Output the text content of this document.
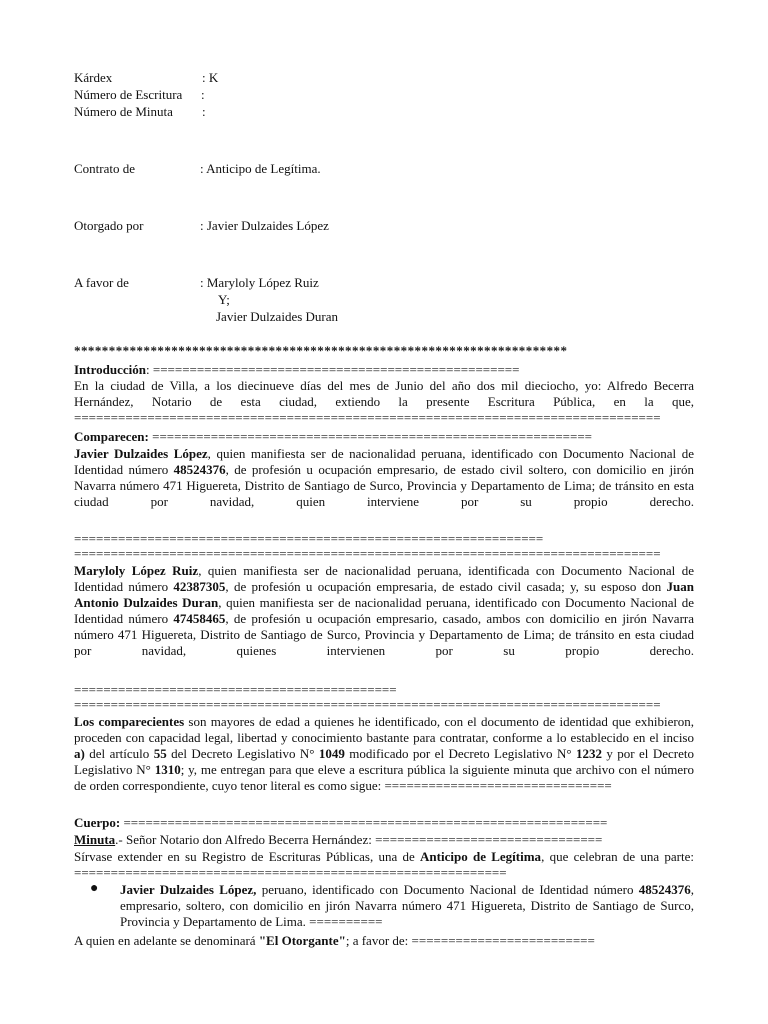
Kárdex	: K
Número de Escritura :
Número de Minuta :
Contrato de	: Anticipo de Legítima.
Otorgado por	: Javier Dulzaides López
A favor de	: Maryloly López Ruiz
Y;
Javier Dulzaides Duran
***********************************************************************
Introducción: ==================================================
En la ciudad de Villa, a los diecinueve días del mes de Junio del año dos mil dieciocho, yo: Alfredo Becerra Hernández, Notario de esta ciudad, extiendo la presente Escritura Pública, en la que,
================================================================================
Comparecen: ============================================================
Javier Dulzaides López, quien manifiesta ser de nacionalidad peruana, identificado con Documento Nacional de Identidad número 48524376, de profesión u ocupación empresario, de estado civil soltero, con domicilio en jirón Navarra número 471 Higuereta, Distrito de Santiago de Surco, Provincia y Departamento de Lima; de tránsito en esta ciudad por navidad, quien interviene por su propio derecho.
================================================================
================================================================================
Maryloly López Ruiz, quien manifiesta ser de nacionalidad peruana, identificada con Documento Nacional de Identidad número 42387305, de profesión u ocupación empresaria, de estado civil casada; y, su esposo don Juan Antonio Dulzaides Duran, quien manifiesta ser de nacionalidad peruana, identificado con Documento Nacional de Identidad número 47458465, de profesión u ocupación empresario, casado, ambos con domicilio en jirón Navarra número 471 Higuereta, Distrito de Santiago de Surco, Provincia y Departamento de Lima; de tránsito en esta ciudad por navidad, quienes intervienen por su propio derecho.
============================================
================================================================================
Los comparecientes son mayores de edad a quienes he identificado, con el documento de identidad que exhibieron, proceden con capacidad legal, libertad y conocimiento bastante para contratar, conforme a lo establecido en el inciso a) del artículo 55 del Decreto Legislativo N° 1049 modificado por el Decreto Legislativo N° 1232 y por el Decreto Legislativo N° 1310; y, me entregan para que eleve a escritura pública la siguiente minuta que archivo con el número de orden correspondiente, cuyo tenor literal es como sigue: ===============================
Cuerpo: ==================================================================
Minuta.- Señor Notario don Alfredo Becerra Hernández: ===============================
Sírvase extender en su Registro de Escrituras Públicas, una de Anticipo de Legítima, que celebran de una parte: ===========================================================
● Javier Dulzaides López, peruano, identificado con Documento Nacional de Identidad número 48524376, empresario, soltero, con domicilio en jirón Navarra número 471 Higuereta, Distrito de Santiago de Surco, Provincia y Departamento de Lima. ==========
A quien en adelante se denominará "El Otorgante"; a favor de: =========================
